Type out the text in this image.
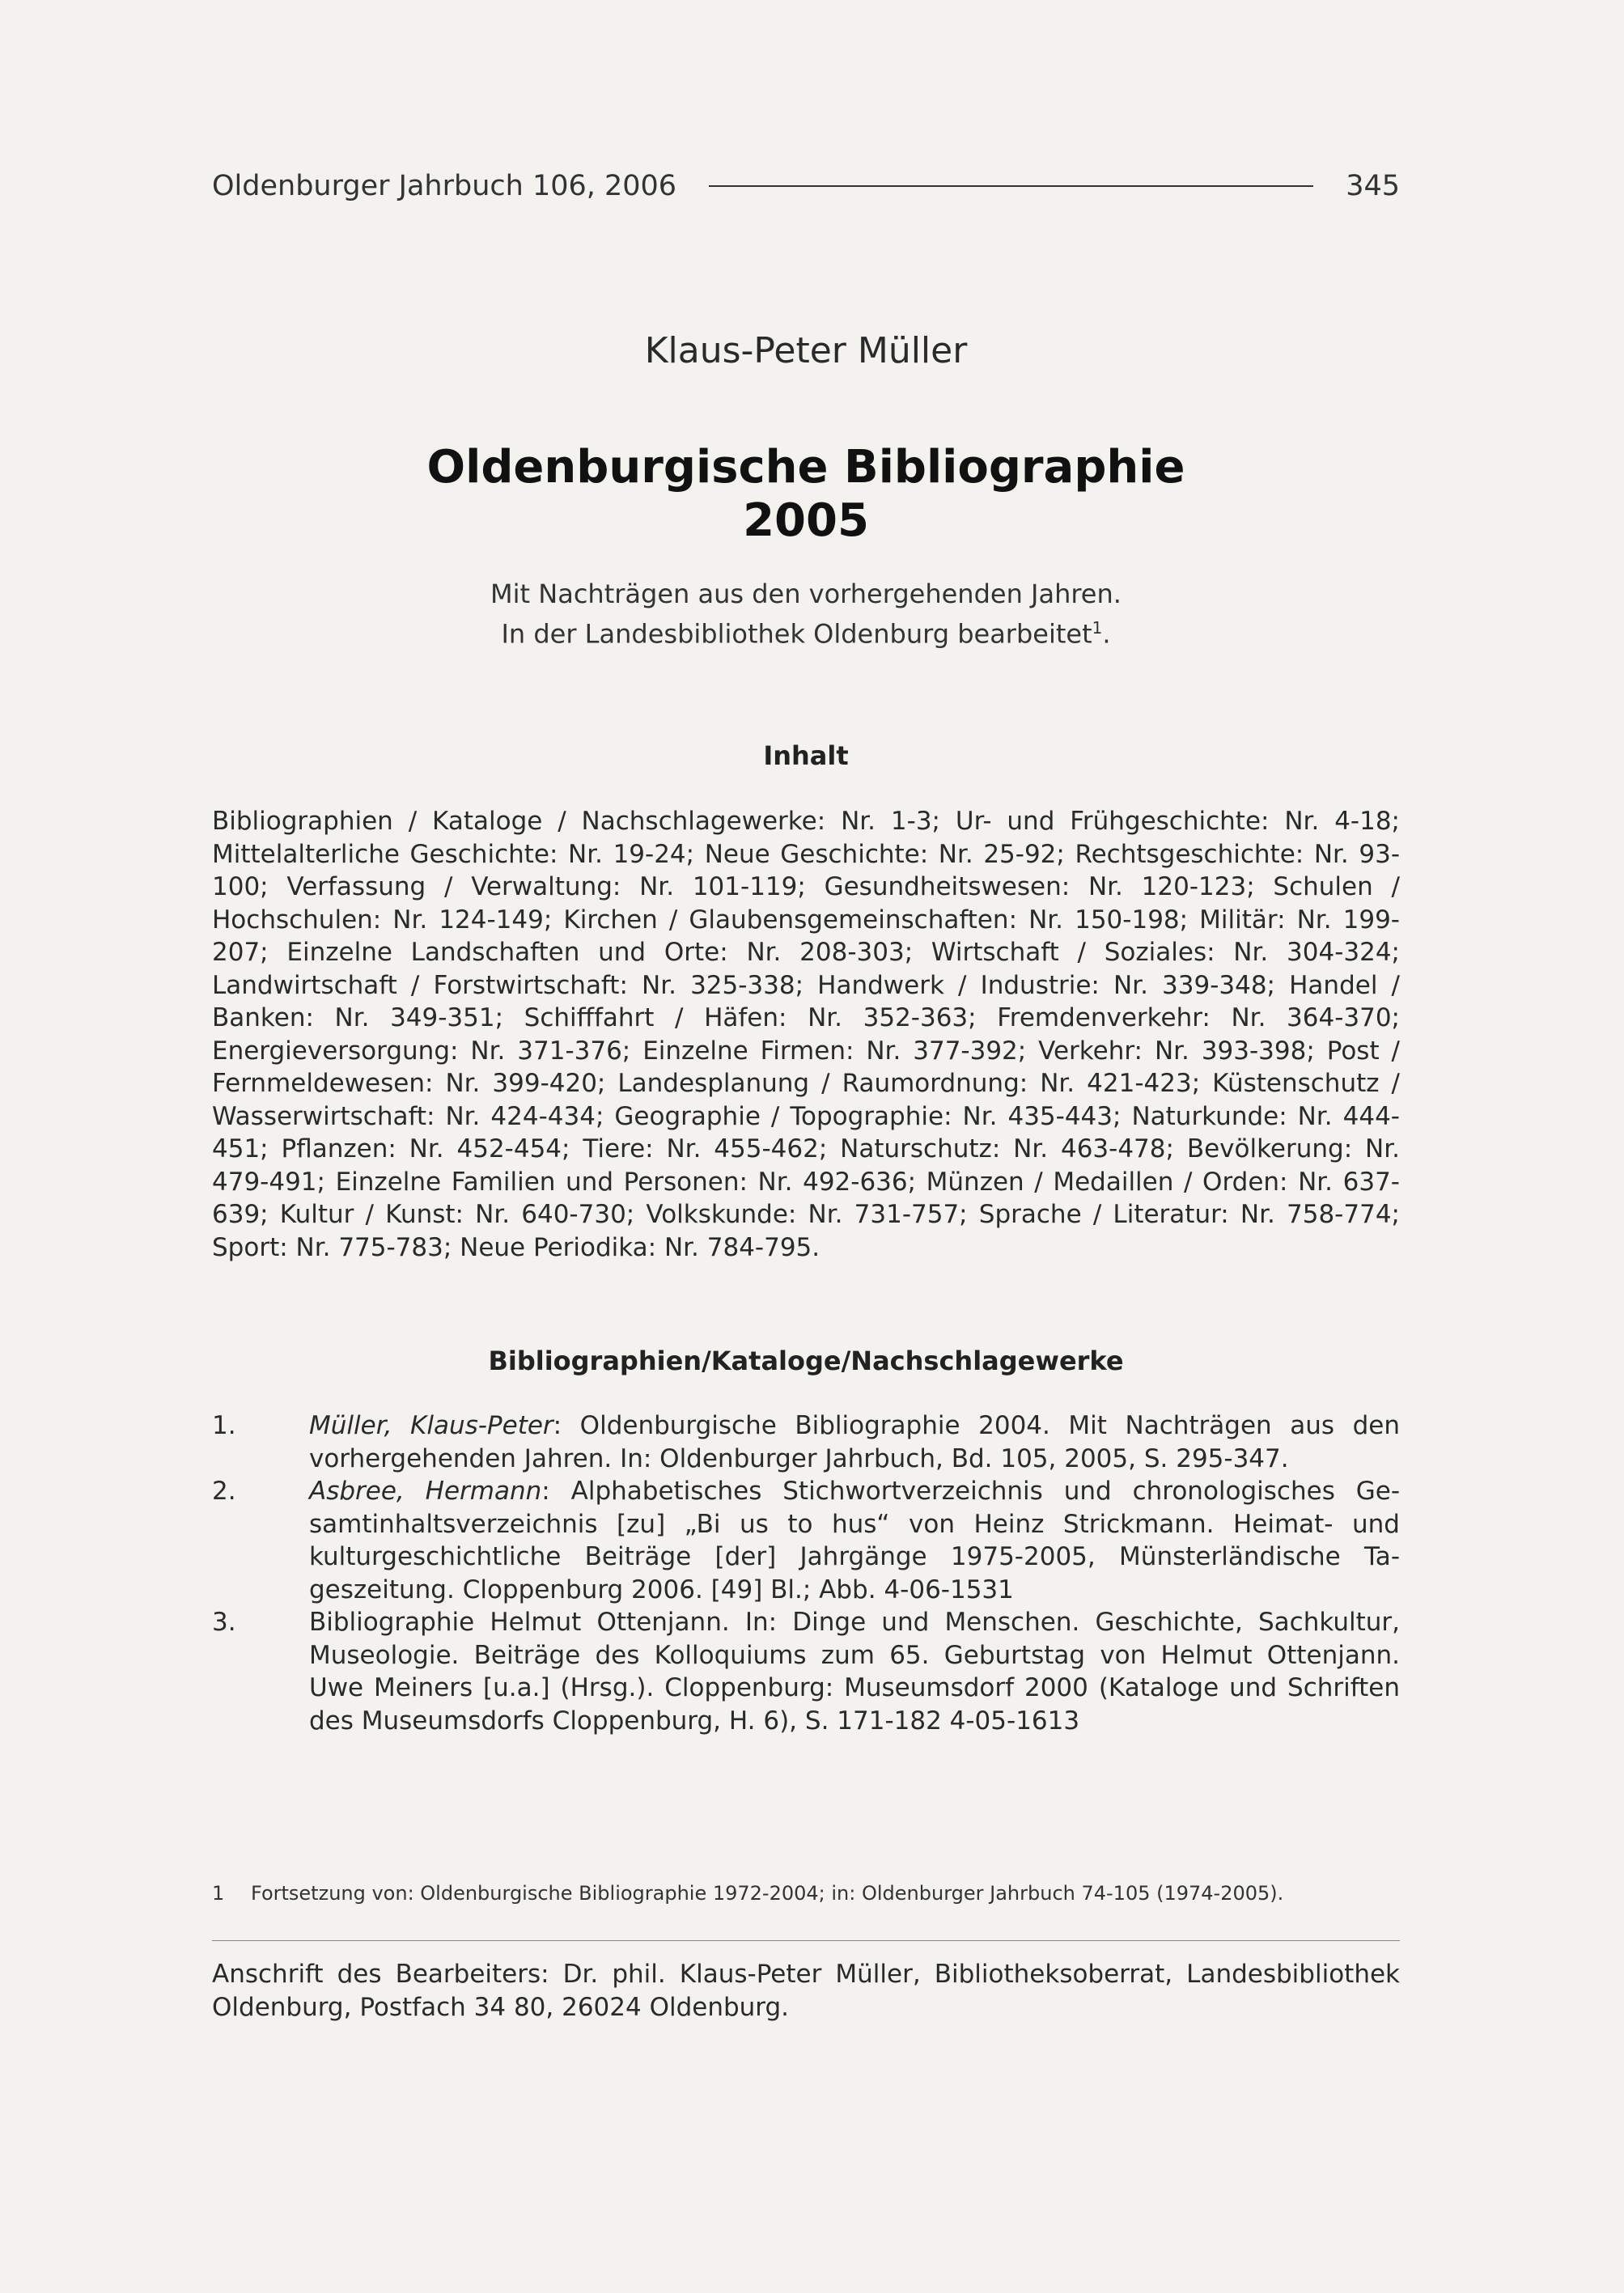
Oldenburger Jahrbuch 106, 2006	345
Klaus-Peter Müller
Oldenburgische Bibliographie
2005
Mit Nachträgen aus den vorhergehenden Jahren.
In der Landesbibliothek Oldenburg bearbeitet$^1$.
Inhalt
Bibliographien / Kataloge / Nachschlagewerke: Nr. 1-3; Ur- und Frühgeschichte: Nr. 4-18; Mittelalterliche Geschichte: Nr. 19-24; Neue Geschichte: Nr. 25-92; Rechtsgeschichte: Nr. 93-100; Verfassung / Verwaltung: Nr. 101-119; Gesundheitswesen: Nr. 120-123; Schulen / Hochschulen: Nr. 124-149; Kirchen / Glaubensgemeinschaften: Nr. 150-198; Militär: Nr. 199-207; Einzelne Landschaften und Orte: Nr. 208-303; Wirtschaft / Soziales: Nr. 304-324; Landwirtschaft / Forstwirtschaft: Nr. 325-338; Handwerk / Industrie: Nr. 339-348; Handel / Banken: Nr. 349-351; Schifffahrt / Häfen: Nr. 352-363; Fremdenverkehr: Nr. 364-370; Energieversorgung: Nr. 371-376; Einzelne Firmen: Nr. 377-392; Verkehr: Nr. 393-398; Post / Fernmeldewesen: Nr. 399-420; Landesplanung / Raumordnung: Nr. 421-423; Küstenschutz / Wasserwirtschaft: Nr. 424-434; Geographie / Topographie: Nr. 435-443; Naturkunde: Nr. 444-451; Pflanzen: Nr. 452-454; Tiere: Nr. 455-462; Naturschutz: Nr. 463-478; Bevölkerung: Nr. 479-491; Einzelne Familien und Personen: Nr. 492-636; Münzen / Medaillen / Orden: Nr. 637-639; Kultur / Kunst: Nr. 640-730; Volkskunde: Nr. 731-757; Sprache / Literatur: Nr. 758-774; Sport: Nr. 775-783; Neue Periodika: Nr. 784-795.
Bibliographien/Kataloge/Nachschlagewerke
1.	Müller, Klaus-Peter: Oldenburgische Bibliographie 2004. Mit Nachträgen aus den vorhergehenden Jahren. In: Oldenburger Jahrbuch, Bd. 105, 2005, S. 295-347.
2.	Asbree, Hermann: Alphabetisches Stichwortverzeichnis und chronologisches Gesamtinhaltsverzeichnis [zu] „Bi us to hus“ von Heinz Strickmann. Heimat- und kulturgeschichtliche Beiträge [der] Jahrgänge 1975-2005, Münsterländische Tageszeitung. Cloppenburg 2006. [49] Bl.; Abb. 4-06-1531
3.	Bibliographie Helmut Ottenjann. In: Dinge und Menschen. Geschichte, Sachkultur, Museologie. Beiträge des Kolloquiums zum 65. Geburtstag von Helmut Ottenjann. Uwe Meiners [u.a.] (Hrsg.). Cloppenburg: Museumsdorf 2000 (Kataloge und Schriften des Museumsdorfs Cloppenburg, H. 6), S. 171-182 4-05-1613
1	Fortsetzung von: Oldenburgische Bibliographie 1972-2004; in: Oldenburger Jahrbuch 74-105 (1974-2005).
Anschrift des Bearbeiters: Dr. phil. Klaus-Peter Müller, Bibliotheksoberrat, Landesbibliothek Oldenburg, Postfach 34 80, 26024 Oldenburg.
